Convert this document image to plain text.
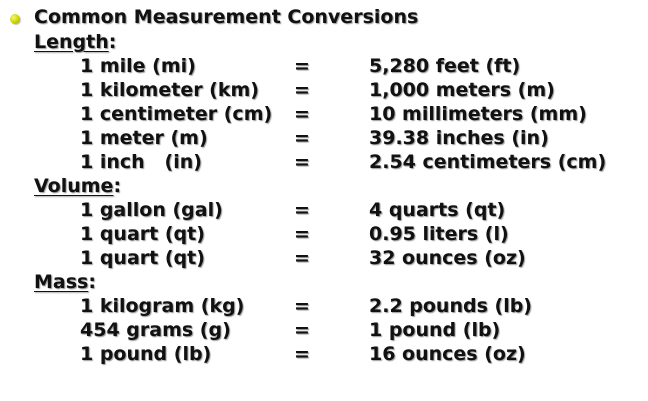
Common Measurement Conversions
Length:
1 mile (mi)	=	5,280 feet (ft)
1 kilometer (km) =	1,000 meters (m)
1 centimeter (cm) =	10 millimeters (mm)
1 meter (m)	=	39.38 inches (in)
1 inch   (in)	=	2.54 centimeters (cm)
Volume:
1 gallon (gal)	=	4 quarts (qt)
1 quart (qt)	=	0.95 liters (l)
1 quart (qt)	=	32 ounces (oz)
Mass:
1 kilogram (kg)	=	2.2 pounds (lb)
454 grams (g)	=	1 pound (lb)
1 pound (lb)	=	16 ounces (oz)
